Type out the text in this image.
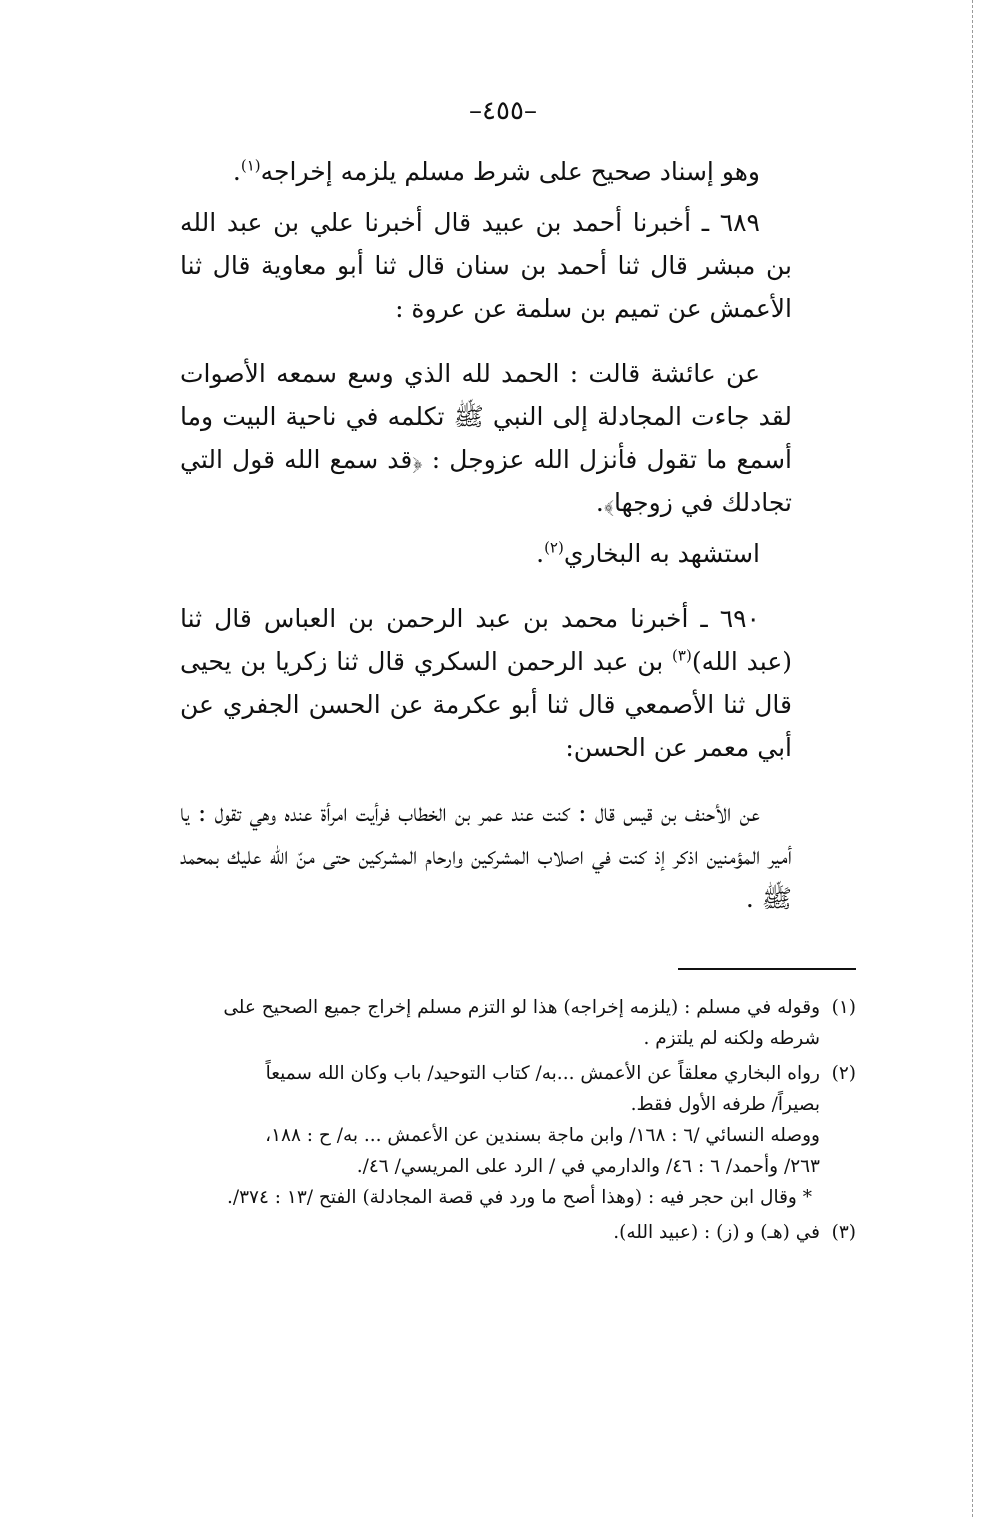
–٤٥٥–

وهو إسناد صحيح على شرط مسلم يلزمه إخراجه$^{(١)}$.

٦٨٩ ـ أخبرنا أحمد بن عبيد قال أخبرنا علي بن عبد الله بن مبشر قال ثنا أحمد بن سنان قال ثنا أبو معاوية قال ثنا الأعمش عن تميم بن سلمة عن عروة :

عن عائشة قالت : الحمد لله الذي وسع سمعه الأصوات لقد جاءت المجادلة إلى النبي ﷺ تكلمه في ناحية البيت وما أسمع ما تقول فأنزل الله عزوجل : ﴿قد سمع الله قول التي تجادلك في زوجها﴾.

استشهد به البخاري$^{(٢)}$.

٦٩٠ ـ أخبرنا محمد بن عبد الرحمن بن العباس قال ثنا (عبد الله)$^{(٣)}$ بن عبد الرحمن السكري قال ثنا زكريا بن يحيى قال ثنا الأصمعي قال ثنا أبو عكرمة عن الحسن الجفري عن أبي معمر عن الحسن:

عن الأحنف بن قيس قال : كنت عند عمر بن الخطاب فرأيت امرأة عنده وهي تقول : يا أمير المؤمنين اذكر إذ كنت في اصلاب المشركين وارحام المشركين حتى منّ الله عليك بمحمد ﷺ .

(١)وقوله في مسلم : (يلزمه إخراجه) هذا لو التزم مسلم إخراج جميع الصحيح على
شرطه ولكنه لم يلتزم .
(٢)رواه البخاري معلقاً عن الأعمش ...به/ كتاب التوحيد/ باب وكان الله سميعاً
بصيراً/ طرفه الأول فقط.
ووصله النسائي /٦ : ١٦٨/ وابن ماجة بسندين عن الأعمش ... به/ ح : ١٨٨،
٢٦٣/ وأحمد/ ٦ : ٤٦/ والدارمي في / الرد على المريسي/ ٤٦/.
* وقال ابن حجر فيه : (وهذا أصح ما ورد في قصة المجادلة) الفتح /١٣ : ٣٧٤/.
(٣)في (هـ) و (ز) : (عبيد الله).
